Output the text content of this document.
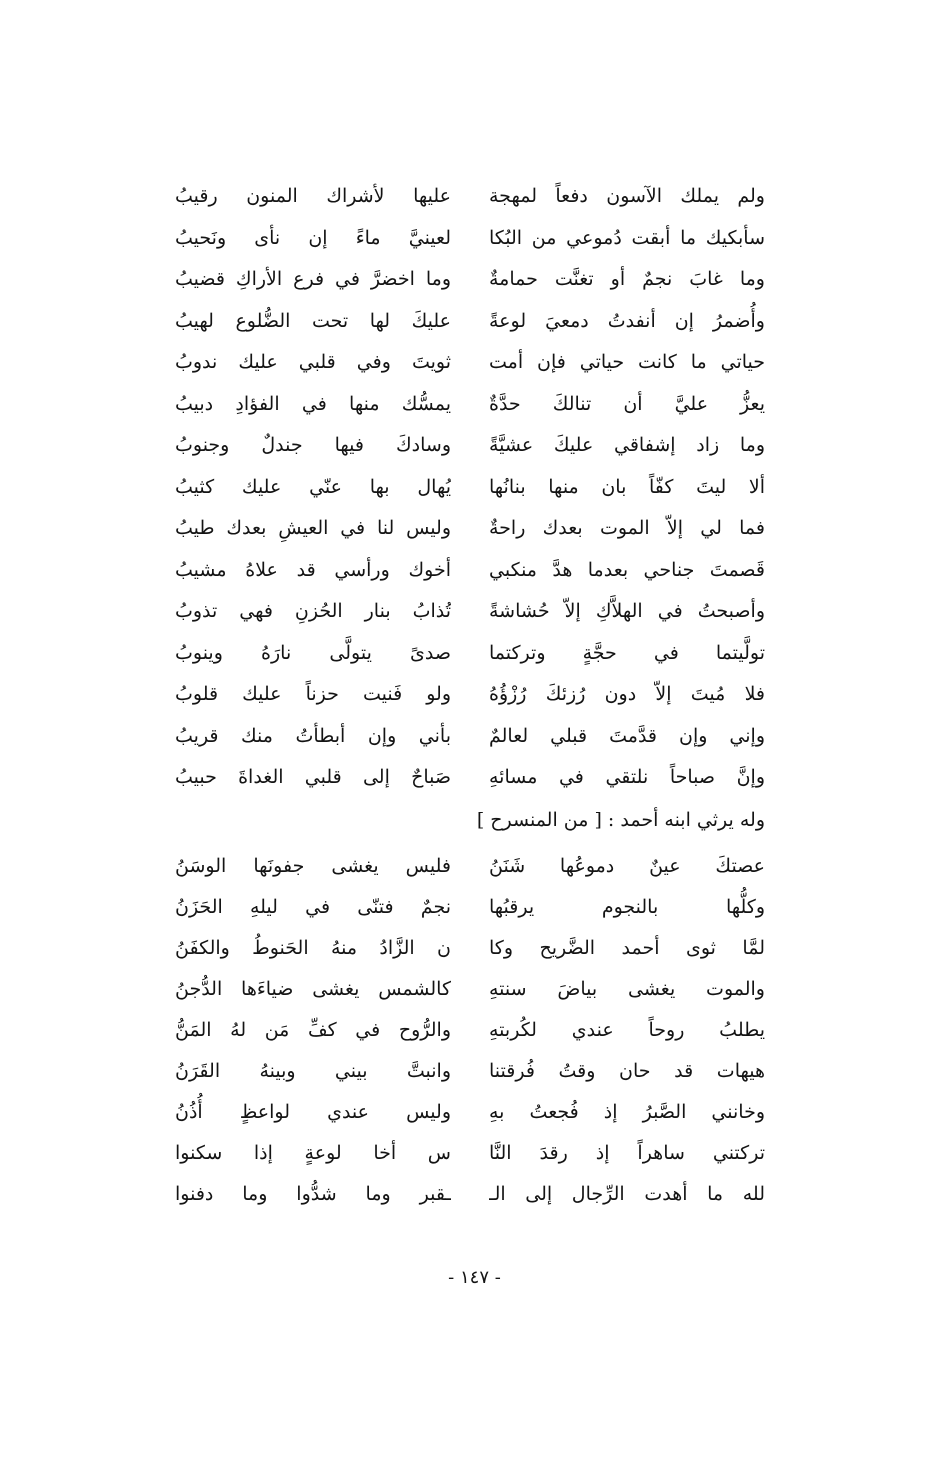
ولم يملك الآسون دفعاً لمهجة
عليها لأشراك المنون رقيبُ
سأبكيك ما أبقت دُموعي من البُكا
لعينيَّ ماءً إن نأى ونَحيبُ
وما غابَ نجمٌ أو تغنَّت حمامةٌ
وما اخضرَّ في فرع الأراكِ قضيبُ
وأُضمرُ إن أنفدتُ دمعيَ لوعةً
عليكَ لها تحت الضُّلوع لهيبُ
حياتي ما كانت حياتي فإن أمت
ثويتَ وفي قلبي عليك ندوبُ
يعزُّ عليَّ أن تنالكَ حدَّةٌ
يمسُّك منها في الفؤادِ دبيبُ
وما زاد إشفاقي عليكَ عشيَّةً
وسادكَ فيها جندلٌ وجنوبُ
ألا ليتَ كفّاً بان منها بنانُها
يُهال بها عنّي عليك كثيبُ
فما لي إلاّ الموت بعدك راحةٌ
وليس لنا في العيشِ بعدك طيبُ
قَصمتَ جناحي بعدما هدَّ منكبي
أخوك ورأسي قد علاهُ مشيبُ
وأصبحتُ في الهلاَّكِ إلاّ حُشاشةً
تُذابُ بنار الحُزنِ فهي تذوبُ
تولَّيتما في حجَّةٍ وتركتما
صدىً يتولَّى نارَهُ وينوبُ
فلا مُيتَ إلاّ دون رُزئكَ رُزْؤُهُ
ولو فَنيت حزناً عليك قلوبُ
وإني وإن قدَّمتَ قبلي لعالمٌ
بأني وإن أبطأتُ منك قريبُ
وإنَّ صباحاً نلتقي في مسائهِ
صَباحٌ إلى قلبي الغداةَ حبيبُ
وله يرثي ابنه أحمد : [ من المنسرح ]
عصتكَ عينٌ دموعُها شَنَنُ
فليس يغشى جفونَها الوسَنُ
وكلُّها بالنجوم يرقبُها
نجمٌ فتنّى في ليلهِ الحَزَنُ
لمَّا ثوى أحمد الضَّريح وكا
ن الزَّادُ منهُ الحَنوطُ والكفَنُ
والموت يغشى بياضَ سنتهِ
كالشمس يغشى ضياءَها الدُّجنُ
يطلبُ روحاً عندي لكُربتهِ
والرُّوح في كفِّ مَن لهُ المَنُّ
هيهات قد حان وقتُ فُرقتنا
وانبتَّ بيني وبينهُ القَرَنُ
وخانني الصَّبرُ إذ فُجعتُ بهِ
وليس عندي لواعظٍ أُذُنُ
تركتني ساهراً إذ رقدَ النَّا
س أخا لوعةٍ إذا سكنوا
لله ما أهدت الرِّجال إلى الـ
ـقبر وما شدُّوا وما دفنوا
- ١٤٧ -
